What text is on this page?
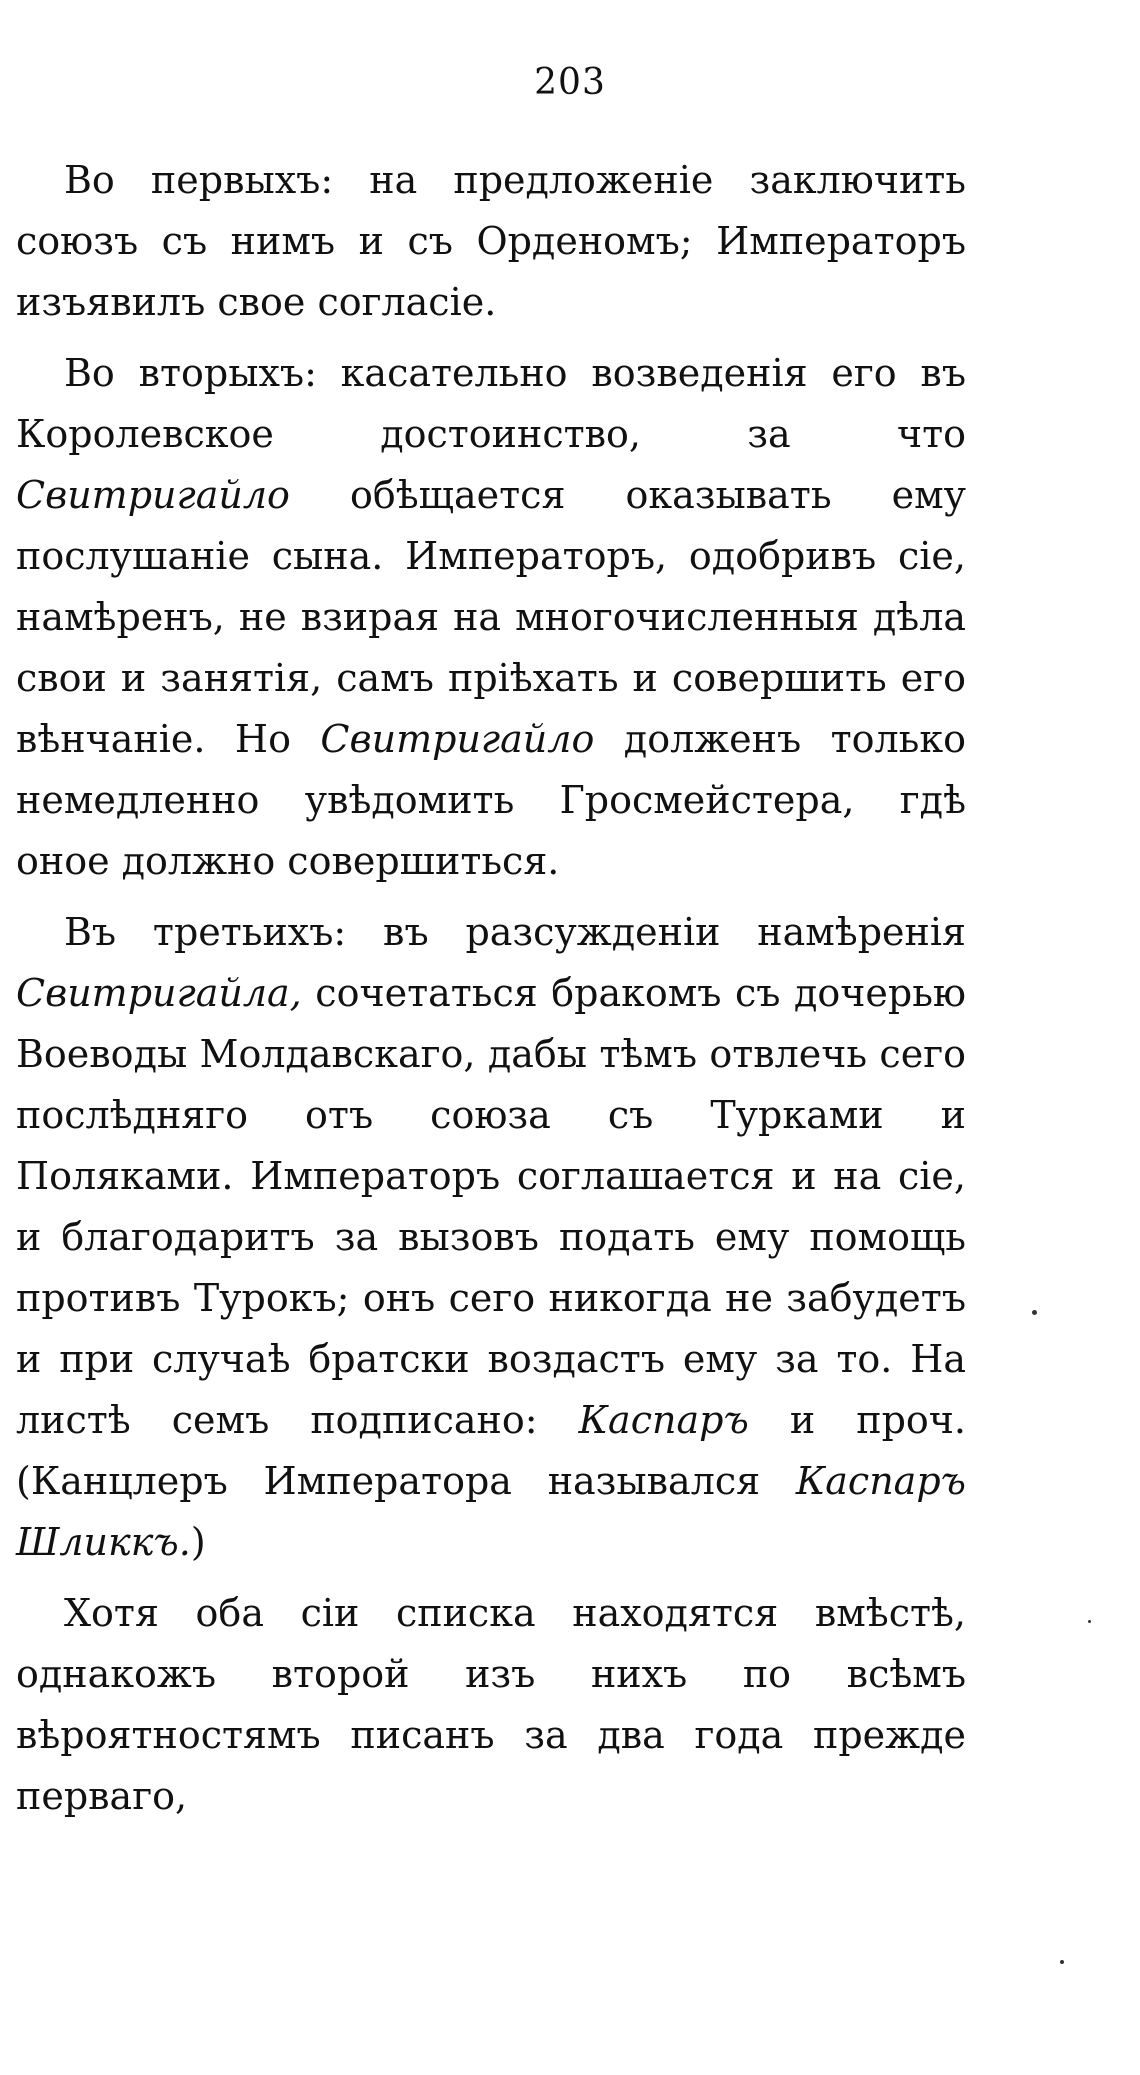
203

Во первыхъ: на предложенiе заключить союзъ съ нимъ и съ Орденомъ; Императоръ изъявилъ свое согласiе.

Во вторыхъ: касательно возведенiя его въ Королевское достоинство, за что Свитригайло обѣщается оказывать ему послушанiе сына. Императоръ, одобривъ сiе, намѣренъ, не взирая на многочисленныя дѣла свои и занятiя, самъ прiѣхать и совершить его вѣнчанiе. Но Свитригайло долженъ только немедленно увѣдомить Гросмейстера, гдѣ оное должно совершиться.

Въ третьихъ: въ разсужденiи намѣренiя Свитригайла, сочетаться бракомъ съ дочерью Воеводы Молдавскаго, дабы тѣмъ отвлечь сего послѣдняго отъ союза съ Турками и Поляками. Императоръ соглашается и на сiе, и благодаритъ за вызовъ подать ему помощь противъ Турокъ; онъ сего никогда не забудетъ и при случаѣ братски воздастъ ему за то. На листѣ семъ подписано: Каспаръ и проч. (Канцлеръ Императора назывался Каспаръ Шликкъ.)

Хотя оба сiи списка находятся вмѣстѣ, однакожъ второй изъ нихъ по всѣмъ вѣроятностямъ писанъ за два года прежде перваго,
